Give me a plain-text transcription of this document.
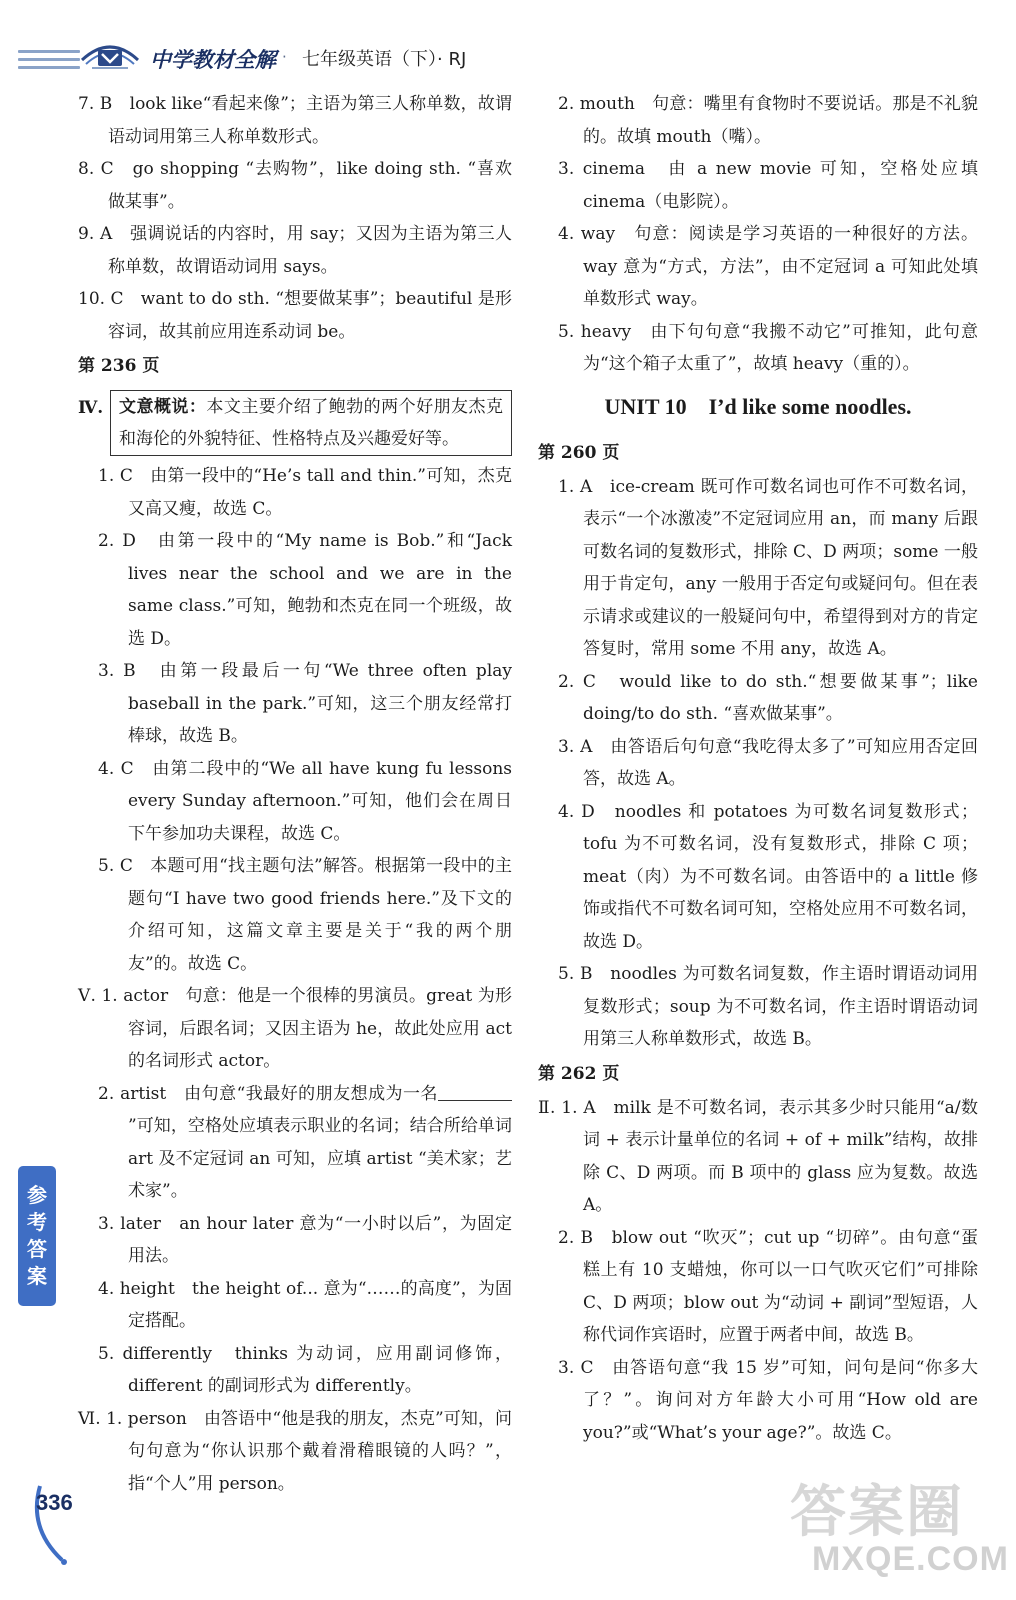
中学教材全解 · 七年级英语（下）· RJ

7. B　look like“看起来像”；主语为第三人称单数，故谓语动词用第三人称单数形式。

8. C　go shopping “去购物”，like doing sth. “喜欢做某事”。

9. A　强调说话的内容时，用 say；又因为主语为第三人称单数，故谓语动词用 says。

10. C　want to do sth. “想要做某事”；beautiful 是形容词，故其前应用连系动词 be。

第 236 页

Ⅳ. 文意概说：本文主要介绍了鲍勃的两个好朋友杰克和海伦的外貌特征、性格特点及兴趣爱好等。

1. C　由第一段中的“He’s tall and thin.”可知，杰克又高又瘦，故选 C。

2. D　由第一段中的“My name is Bob.”和“Jack lives near the school and we are in the same class.”可知，鲍勃和杰克在同一个班级，故选 D。

3. B　由第一段最后一句“We three often play baseball in the park.”可知，这三个朋友经常打棒球，故选 B。

4. C　由第二段中的“We all have kung fu lessons every Sunday afternoon.”可知，他们会在周日下午参加功夫课程，故选 C。

5. C　本题可用“找主题句法”解答。根据第一段中的主题句“I have two good friends here.”及下文的介绍可知，这篇文章主要是关于“我的两个朋友”的。故选 C。

Ⅴ. 1. actor　句意：他是一个很棒的男演员。great 为形容词，后跟名词；又因主语为 he，故此处应用 act 的名词形式 actor。

2. artist　由句意“我最好的朋友想成为一名”可知，空格处应填表示职业的名词；结合所给单词 art 及不定冠词 an 可知，应填 artist “美术家；艺术家”。

3. later　an hour later 意为“一小时以后”，为固定用法。

4. height　the height of... 意为“……的高度”，为固定搭配。

5. differently　thinks 为动词，应用副词修饰，different 的副词形式为 differently。

Ⅵ. 1. person　由答语中“他是我的朋友，杰克”可知，问句句意为“你认识那个戴着滑稽眼镜的人吗？”，指“个人”用 person。

2. mouth　句意：嘴里有食物时不要说话。那是不礼貌的。故填 mouth（嘴）。

3. cinema　由 a new movie 可知，空格处应填 cinema（电影院）。

4. way　句意：阅读是学习英语的一种很好的方法。way 意为“方式，方法”，由不定冠词 a 可知此处填单数形式 way。

5. heavy　由下句句意“我搬不动它”可推知，此句意为“这个箱子太重了”，故填 heavy（重的）。

UNIT 10　I’d like some noodles.

第 260 页

1. A　ice-cream 既可作可数名词也可作不可数名词，表示“一个冰激凌”不定冠词应用 an，而 many 后跟可数名词的复数形式，排除 C、D 两项；some 一般用于肯定句，any 一般用于否定句或疑问句。但在表示请求或建议的一般疑问句中，希望得到对方的肯定答复时，常用 some 不用 any，故选 A。

2. C　would like to do sth.“想要做某事”；like doing/to do sth. “喜欢做某事”。

3. A　由答语后句句意“我吃得太多了”可知应用否定回答，故选 A。

4. D　noodles 和 potatoes 为可数名词复数形式；tofu 为不可数名词，没有复数形式，排除 C 项；meat（肉）为不可数名词。由答语中的 a little 修饰或指代不可数名词可知，空格处应用不可数名词，故选 D。

5. B　noodles 为可数名词复数，作主语时谓语动词用复数形式；soup 为不可数名词，作主语时谓语动词用第三人称单数形式，故选 B。

第 262 页

Ⅱ. 1. A　milk 是不可数名词，表示其多少时只能用“a/数词 + 表示计量单位的名词 + of + milk”结构，故排除 C、D 两项。而 B 项中的 glass 应为复数。故选 A。

2. B　blow out “吹灭”；cut up “切碎”。由句意“蛋糕上有 10 支蜡烛，你可以一口气吹灭它们”可排除 C、D 两项；blow out 为“动词 + 副词”型短语，人称代词作宾语时，应置于两者中间，故选 B。

3. C　由答语句意“我 15 岁”可知，问句是问“你多大了？”。询问对方年龄大小可用“How old are you?”或“What’s your age?”。故选 C。

参考答案
336	答案圈
MXQE.COM
